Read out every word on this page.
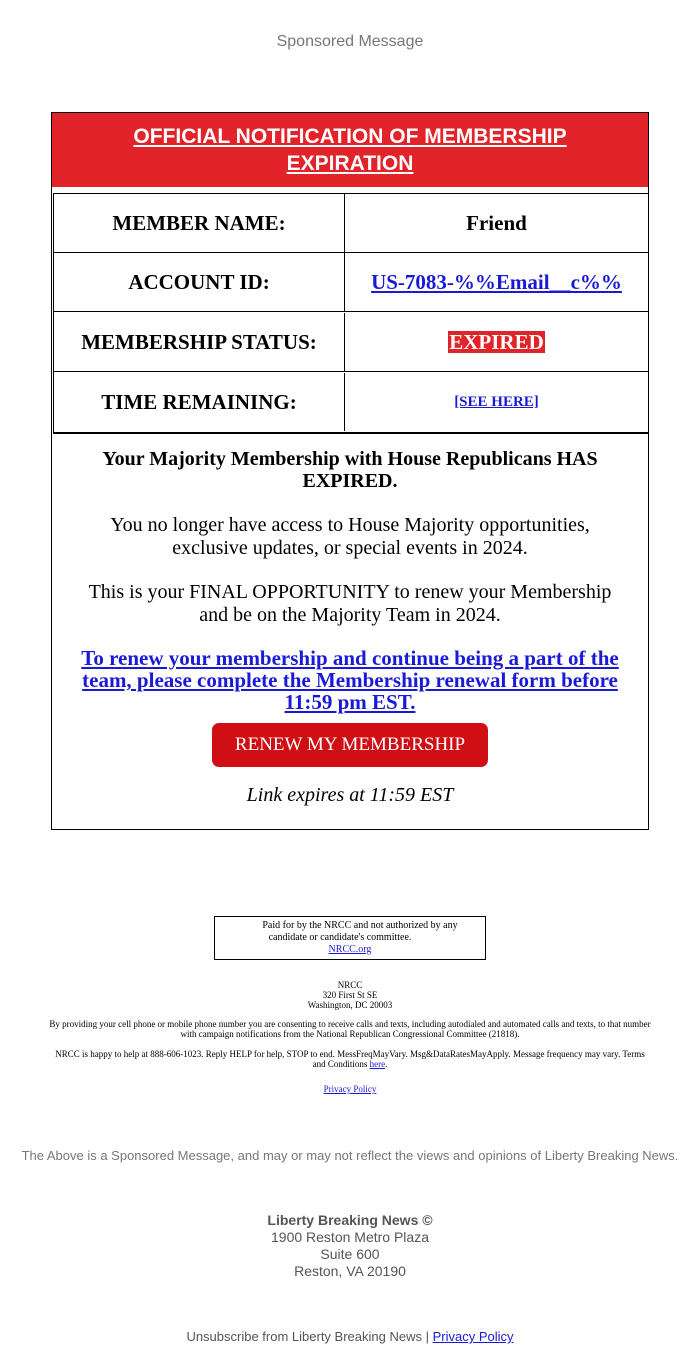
Sponsored Message
OFFICIAL NOTIFICATION OF MEMBERSHIP EXPIRATION
MEMBER NAME:	Friend
ACCOUNT ID:	US-7083-%%Email__c%%
MEMBERSHIP STATUS:	EXPIRED
TIME REMAINING:	[SEE HERE]
Your Majority Membership with House Republicans HAS EXPIRED.
You no longer have access to House Majority opportunities, exclusive updates, or special events in 2024.
This is your FINAL OPPORTUNITY to renew your Membership and be on the Majority Team in 2024.
To renew your membership and continue being a part of the team, please complete the Membership renewal form before 11:59 pm EST.
RENEW MY MEMBERSHIP
Link expires at 11:59 EST
Paid for by the NRCC and not authorized by any candidate or candidate's committee. NRCC.org
NRCC
320 First St SE
Washington, DC 20003
By providing your cell phone or mobile phone number you are consenting to receive calls and texts, including autodialed and automated calls and texts, to that number with campaign notifications from the National Republican Congressional Committee (21818).
NRCC is happy to help at 888-606-1023. Reply HELP for help, STOP to end. MessFreqMayVary. Msg&DataRatesMayApply. Message frequency may vary. Terms and Conditions here.
Privacy Policy
The Above is a Sponsored Message, and may or may not reflect the views and opinions of Liberty Breaking News.
Liberty Breaking News ©
1900 Reston Metro Plaza
Suite 600
Reston, VA 20190
Unsubscribe from Liberty Breaking News | Privacy Policy
